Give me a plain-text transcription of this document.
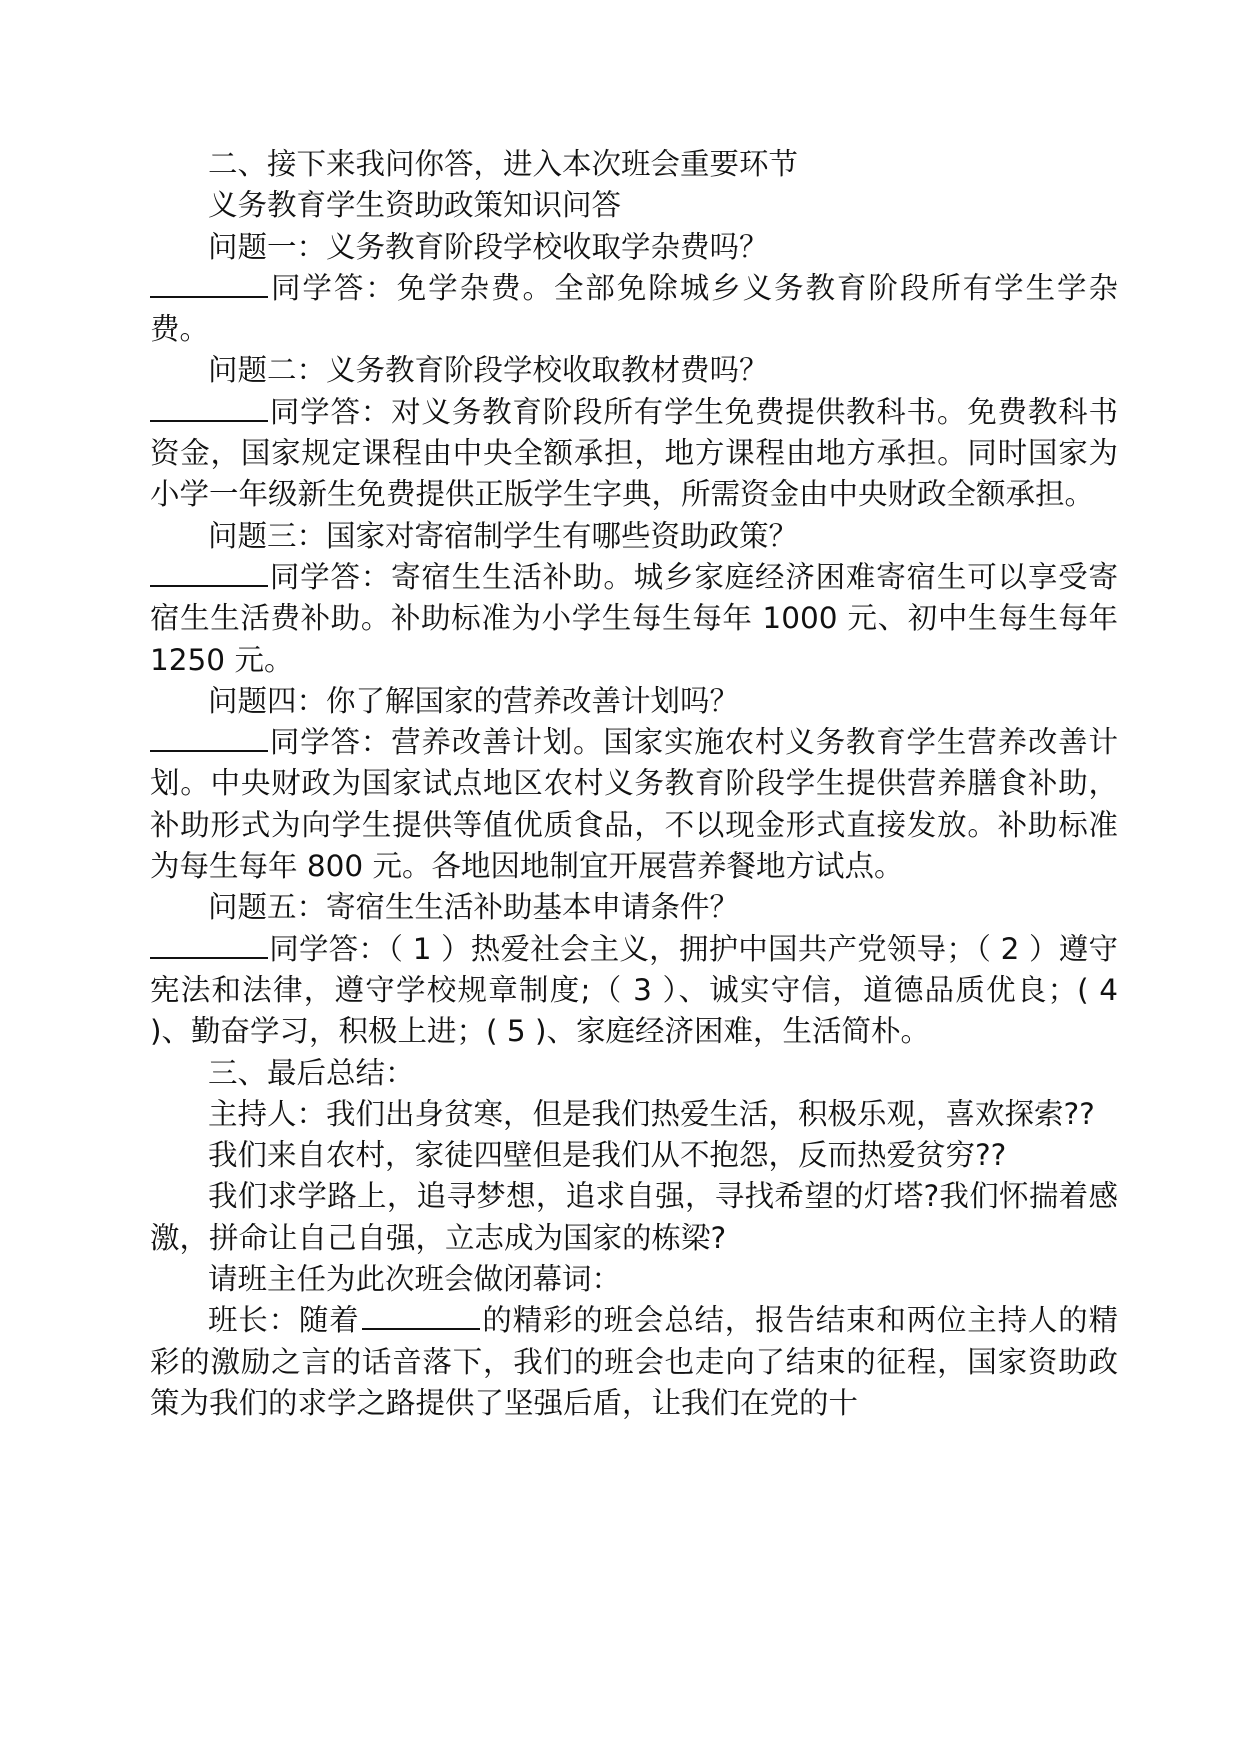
二、接下来我问你答，进入本次班会重要环节

义务教育学生资助政策知识问答

问题一：义务教育阶段学校收取学杂费吗？

同学答：免学杂费。全部免除城乡义务教育阶段所有学生学杂费。

问题二：义务教育阶段学校收取教材费吗？

同学答：对义务教育阶段所有学生免费提供教科书。免费教科书资金，国家规定课程由中央全额承担，地方课程由地方承担。同时国家为小学一年级新生免费提供正版学生字典，所需资金由中央财政全额承担。

问题三：国家对寄宿制学生有哪些资助政策？

同学答：寄宿生生活补助。城乡家庭经济困难寄宿生可以享受寄宿生生活费补助。补助标准为小学生每生每年 1000 元、初中生每生每年 1250 元。

问题四：你了解国家的营养改善计划吗？

同学答：营养改善计划。国家实施农村义务教育学生营养改善计划。中央财政为国家试点地区农村义务教育阶段学生提供营养膳食补助，补助形式为向学生提供等值优质食品，不以现金形式直接发放。补助标准为每生每年 800 元。各地因地制宜开展营养餐地方试点。

问题五：寄宿生生活补助基本申请条件？

同学答：（ 1 ）热爱社会主义，拥护中国共产党领导；（ 2 ）遵守宪法和法律，遵守学校规章制度;（ 3 ）、诚实守信，道德品质优良；( 4 )、勤奋学习，积极上进；( 5 )、家庭经济困难，生活简朴。

三、最后总结：

主持人：我们出身贫寒，但是我们热爱生活，积极乐观，喜欢探索??

我们来自农村，家徒四壁但是我们从不抱怨，反而热爱贫穷??

我们求学路上，追寻梦想，追求自强，寻找希望的灯塔?我们怀揣着感激，拼命让自己自强，立志成为国家的栋梁?

请班主任为此次班会做闭幕词：

班长：随着	的精彩的班会总结，报告结束和两位主持人的精彩的激励之言的话音落下，我们的班会也走向了结束的征程，国家资助政策为我们的求学之路提供了坚强后盾，让我们在党的十
